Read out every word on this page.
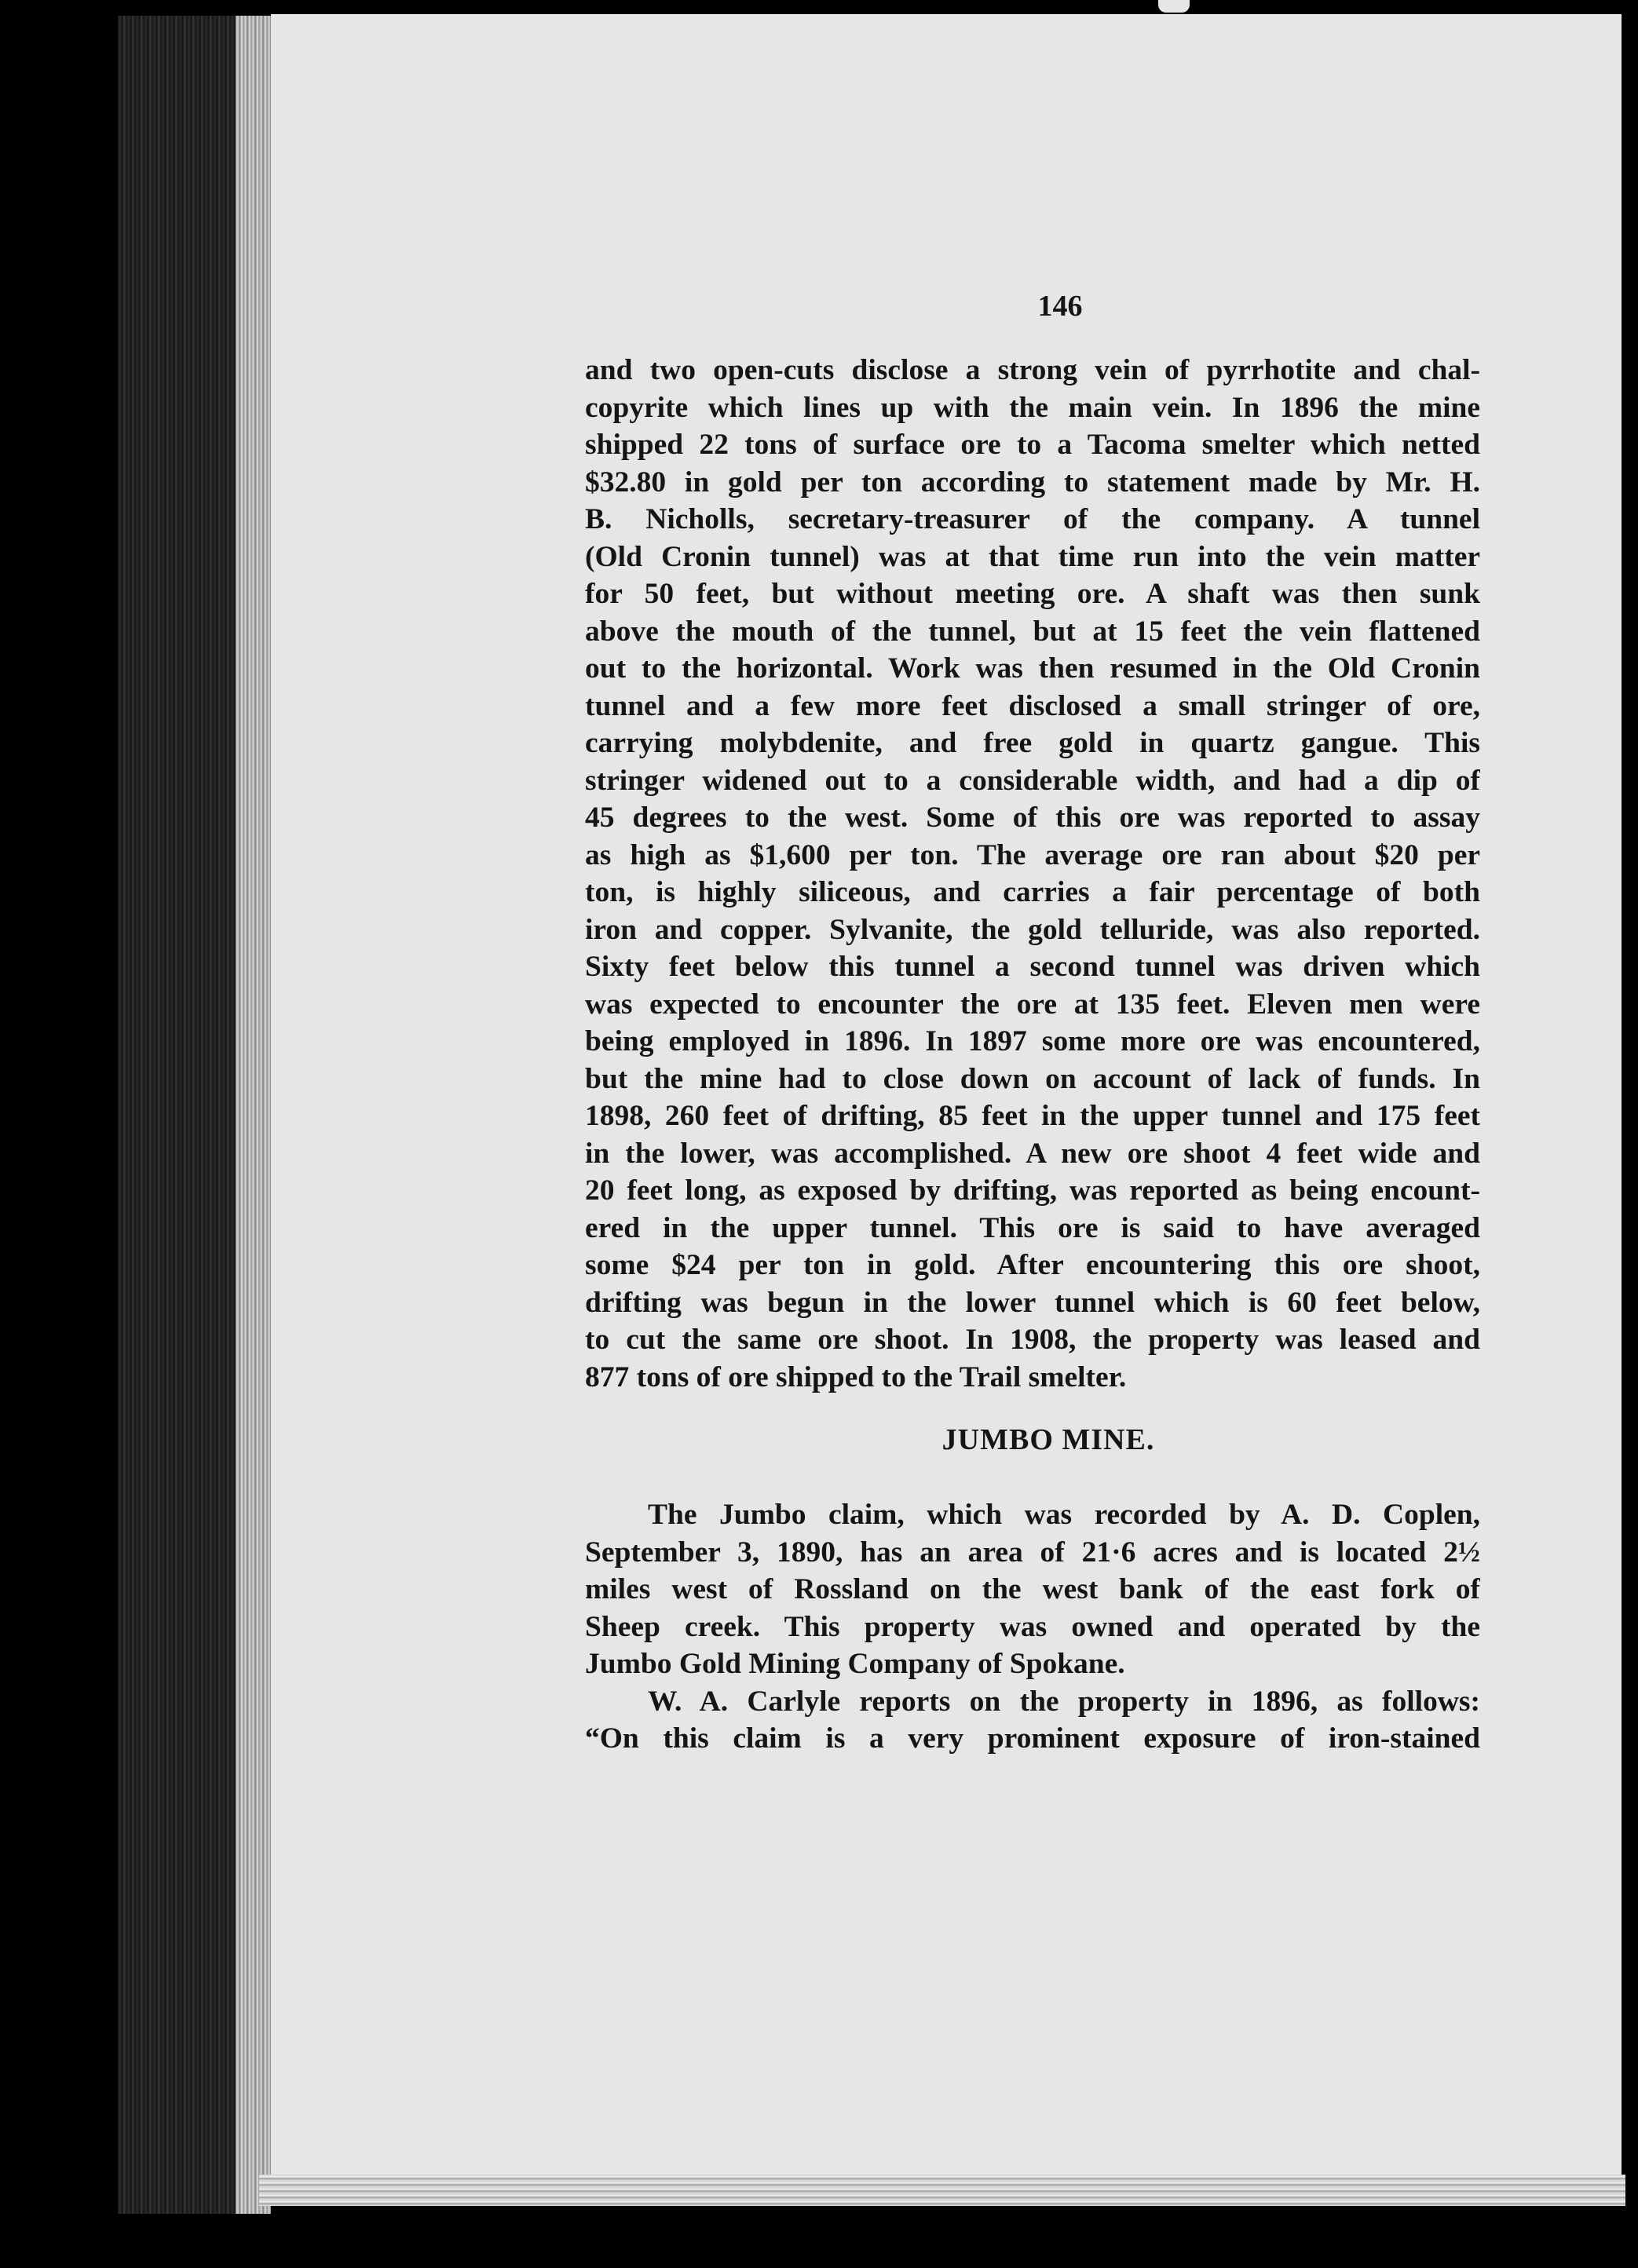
146
and two open-cuts disclose a strong vein of pyrrhotite and chal-
copyrite which lines up with the main vein. In 1896 the mine
shipped 22 tons of surface ore to a Tacoma smelter which netted
$32.80 in gold per ton according to statement made by Mr. H.
B. Nicholls, secretary-treasurer of the company. A tunnel
(Old Cronin tunnel) was at that time run into the vein matter
for 50 feet, but without meeting ore. A shaft was then sunk
above the mouth of the tunnel, but at 15 feet the vein flattened
out to the horizontal. Work was then resumed in the Old Cronin
tunnel and a few more feet disclosed a small stringer of ore,
carrying molybdenite, and free gold in quartz gangue. This
stringer widened out to a considerable width, and had a dip of
45 degrees to the west. Some of this ore was reported to assay
as high as $1,600 per ton. The average ore ran about $20 per
ton, is highly siliceous, and carries a fair percentage of both
iron and copper. Sylvanite, the gold telluride, was also reported.
Sixty feet below this tunnel a second tunnel was driven which
was expected to encounter the ore at 135 feet. Eleven men were
being employed in 1896. In 1897 some more ore was encountered,
but the mine had to close down on account of lack of funds. In
1898, 260 feet of drifting, 85 feet in the upper tunnel and 175 feet
in the lower, was accomplished. A new ore shoot 4 feet wide and
20 feet long, as exposed by drifting, was reported as being encount-
ered in the upper tunnel. This ore is said to have averaged
some $24 per ton in gold. After encountering this ore shoot,
drifting was begun in the lower tunnel which is 60 feet below,
to cut the same ore shoot. In 1908, the property was leased and
877 tons of ore shipped to the Trail smelter.
JUMBO MINE.
The Jumbo claim, which was recorded by A. D. Coplen,
September 3, 1890, has an area of 21·6 acres and is located 2½
miles west of Rossland on the west bank of the east fork of
Sheep creek. This property was owned and operated by the
Jumbo Gold Mining Company of Spokane.
W. A. Carlyle reports on the property in 1896, as follows:
“On this claim is a very prominent exposure of iron-stained
